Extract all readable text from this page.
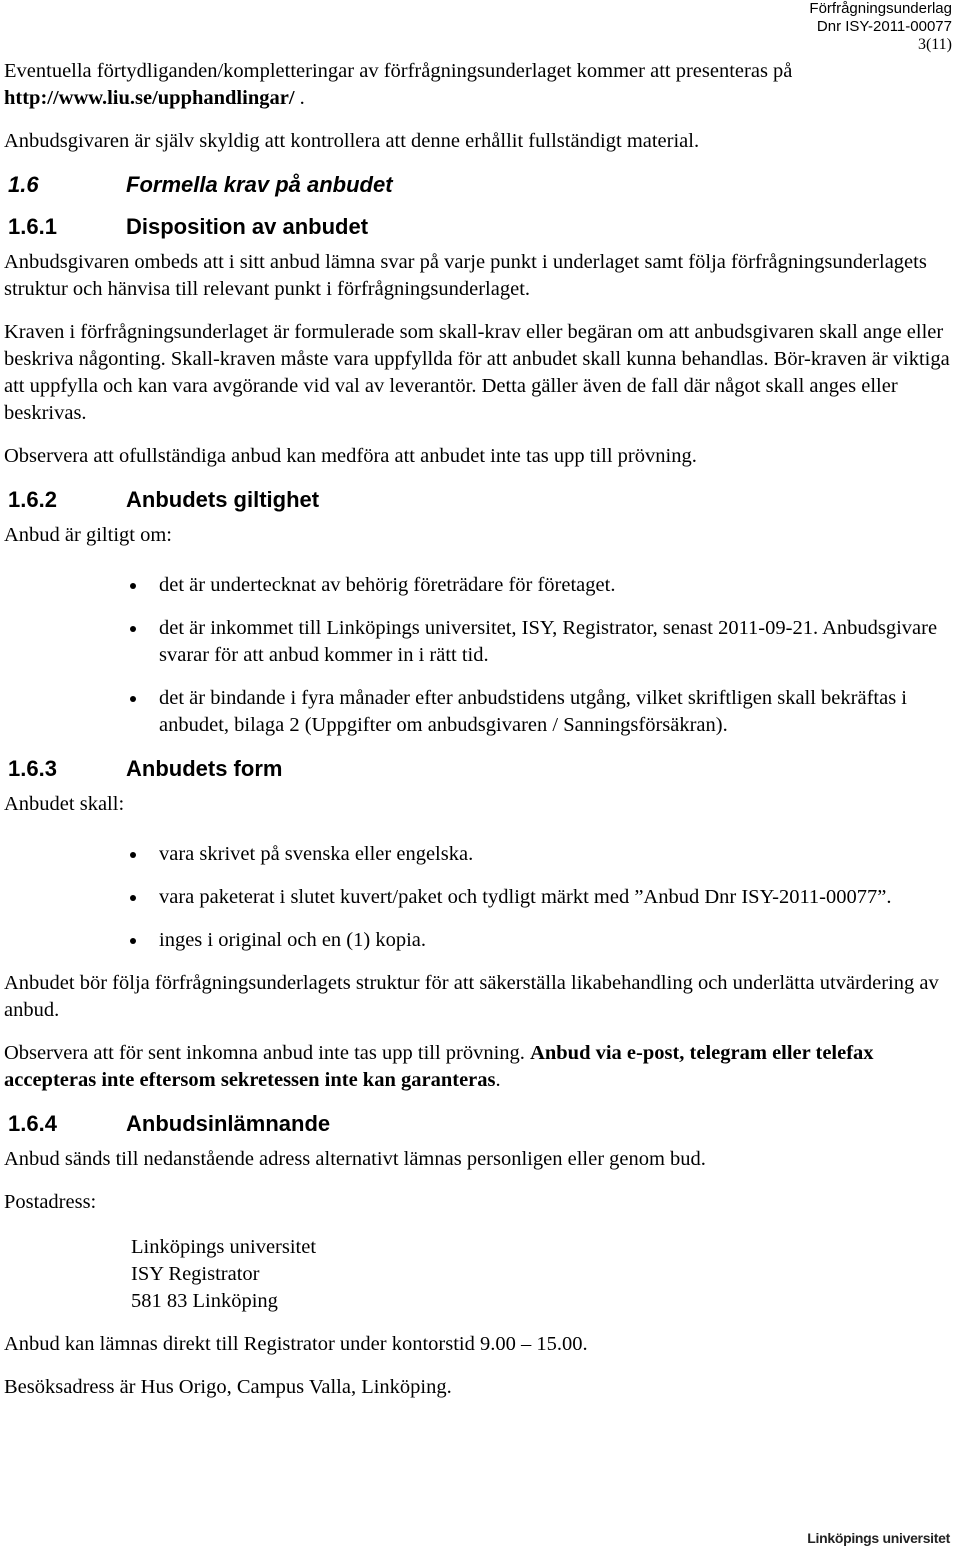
Förfrågningsunderlag
Dnr ISY-2011-00077
3(11)

Eventuella förtydliganden/kompletteringar av förfrågningsunderlaget kommer att presenteras på
http://www.liu.se/upphandlingar/ .

Anbudsgivaren är själv skyldig att kontrollera att denne erhållit fullständigt material.

1.6	Formella krav på anbudet
1.6.1	Disposition av anbudet

Anbudsgivaren ombeds att i sitt anbud lämna svar på varje punkt i underlaget samt följa förfrågningsunderlagets struktur och hänvisa till relevant punkt i förfrågningsunderlaget.

Kraven i förfrågningsunderlaget är formulerade som skall-krav eller begäran om att anbudsgivaren skall ange eller beskriva någonting. Skall-kraven måste vara uppfyllda för att anbudet skall kunna behandlas. Bör-kraven är viktiga att uppfylla och kan vara avgörande vid val av leverantör. Detta gäller även de fall där något skall anges eller beskrivas.

Observera att ofullständiga anbud kan medföra att anbudet inte tas upp till prövning.

1.6.2	Anbudets giltighet

Anbud är giltigt om:

det är undertecknat av behörig företrädare för företaget.
det är inkommet till Linköpings universitet, ISY, Registrator, senast 2011-09-21. Anbudsgivare svarar för att anbud kommer in i rätt tid.
det är bindande i fyra månader efter anbudstidens utgång, vilket skriftligen skall bekräftas i anbudet, bilaga 2 (Uppgifter om anbudsgivaren / Sanningsförsäkran).
1.6.3	Anbudets form

Anbudet skall:

vara skrivet på svenska eller engelska.
vara paketerat i slutet kuvert/paket och tydligt märkt med ”Anbud Dnr ISY-2011-00077”.
inges i original och en (1) kopia.

Anbudet bör följa förfrågningsunderlagets struktur för att säkerställa likabehandling och underlätta utvärdering av anbud.

Observera att för sent inkomna anbud inte tas upp till prövning. Anbud via e-post, telegram eller telefax accepteras inte eftersom sekretessen inte kan garanteras.

1.6.4	Anbudsinlämnande

Anbud sänds till nedanstående adress alternativt lämnas personligen eller genom bud.

Postadress:

Linköpings universitet
ISY Registrator
581 83 Linköping

Anbud kan lämnas direkt till Registrator under kontorstid 9.00 – 15.00.

Besöksadress är Hus Origo, Campus Valla, Linköping.

Linköpings universitet
